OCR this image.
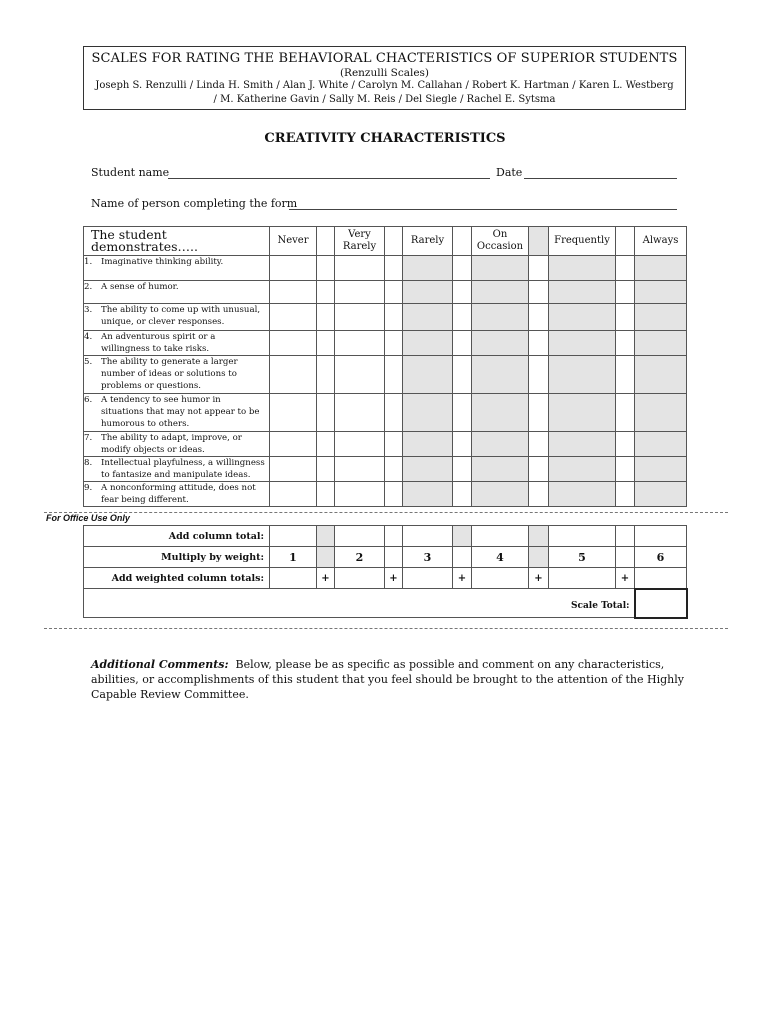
SCALES FOR RATING THE BEHAVIORAL CHACTERISTICS OF SUPERIOR STUDENTS
(Renzulli Scales)
Joseph S. Renzulli / Linda H. Smith / Alan J. White / Carolyn M. Callahan / Robert K. Hartman / Karen L. Westberg / M. Katherine Gavin / Sally M. Reis / Del Siegle / Rachel E. Sytsma
CREATIVITY CHARACTERISTICS
Student name	Date
Name of person completing the form
The student demonstrates…..	Never		Very Rarely		Rarely		On Occasion		Frequently		Always
1. Imaginative thinking ability.											
2. A sense of humor.											
3. The ability to come up with unusual, unique, or clever responses.											
4. An adventurous spirit or a willingness to take risks.											
5. The ability to generate a larger number of ideas or solutions to problems or questions.											
6. A tendency to see humor in situations that may not appear to be humorous to others.											
7. The ability to adapt, improve, or modify objects or ideas.											
8. Intellectual playfulness, a willingness to fantasize and manipulate ideas.											
9. A nonconforming attitude, does not fear being different.											
For Office Use Only
Add column total:											
Multiply by weight:	1		2		3		4		5		6
Add weighted column totals:		+		+		+		+		+	

										Scale Total:	

Additional Comments: Below, please be as specific as possible and comment on any characteristics, abilities, or accomplishments of this student that you feel should be brought to the attention of the Highly Capable Review Committee.
